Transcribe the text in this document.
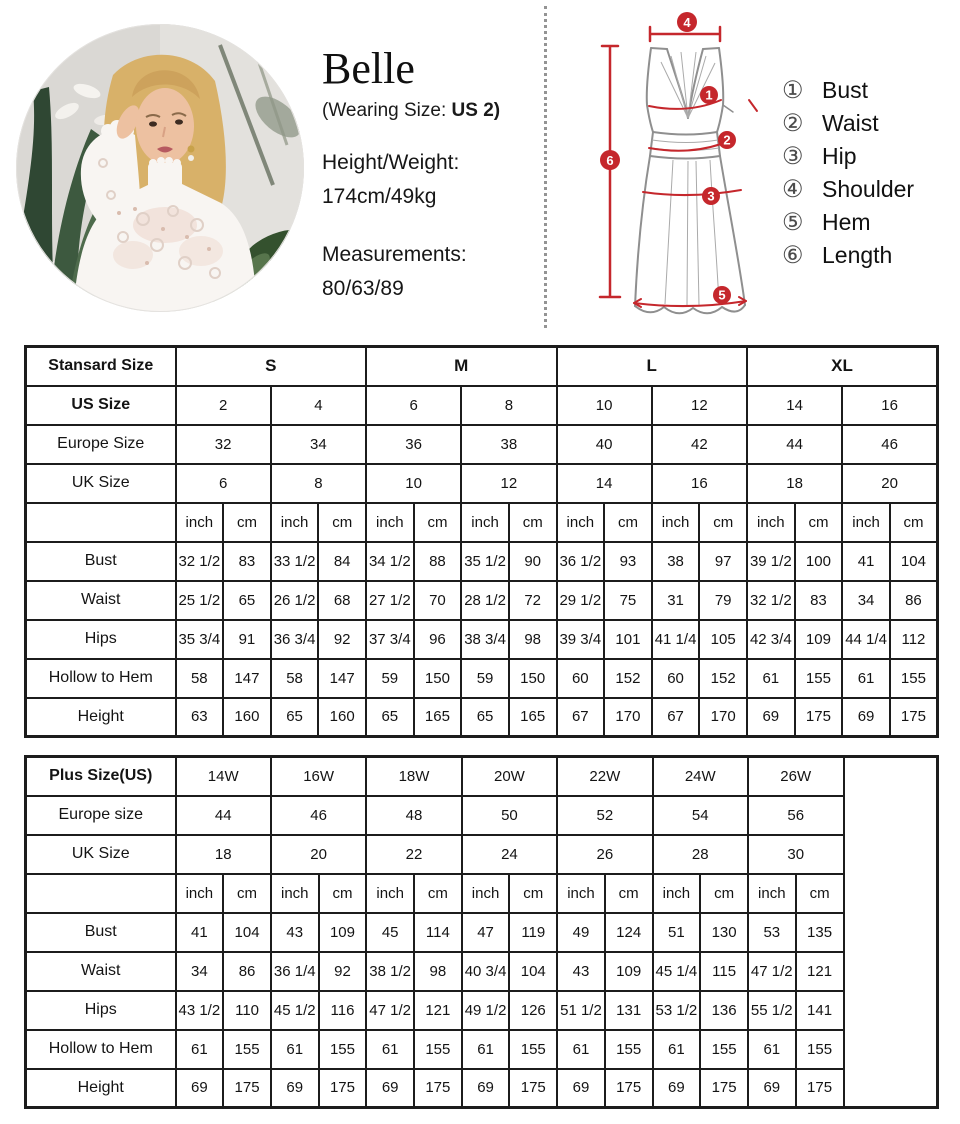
Belle
(Wearing Size: US 2)
Height/Weight:
174cm/49kg
Measurements:
80/63/89
1
2
3
4
5
6
① Bust
② Waist
③ Hip
④ Shoulder
⑤ Hem
⑥ Length
Stansard Size	S				M				L				XL			
US Size	2		4		6		8		10		12		14		16	
Europe Size	32		34		36		38		40		42		44		46	
UK Size	6		8		10		12		14		16		18		20	
	inch	cm	inch	cm	inch	cm	inch	cm	inch	cm	inch	cm	inch	cm	inch	cm
Bust	32 1/2	83	33 1/2	84	34 1/2	88	35 1/2	90	36 1/2	93	38	97	39 1/2	100	41	104
Waist	25 1/2	65	26 1/2	68	27 1/2	70	28 1/2	72	29 1/2	75	31	79	32 1/2	83	34	86
Hips	35 3/4	91	36 3/4	92	37 3/4	96	38 3/4	98	39 3/4	101	41 1/4	105	42 3/4	109	44 1/4	112
Hollow to Hem	58	147	58	147	59	150	59	150	60	152	60	152	61	155	61	155
Height	63	160	65	160	65	165	65	165	67	170	67	170	69	175	69	175
Plus Size(US)	14W		16W		18W		20W		22W		24W		26W		
Europe size	44		46		48		50		52		54		56		
UK Size	18		20		22		24		26		28		30		
	inch	cm	inch	cm	inch	cm	inch	cm	inch	cm	inch	cm	inch	cm	
Bust	41	104	43	109	45	114	47	119	49	124	51	130	53	135	
Waist	34	86	36 1/4	92	38 1/2	98	40 3/4	104	43	109	45 1/4	115	47 1/2	121	
Hips	43 1/2	110	45 1/2	116	47 1/2	121	49 1/2	126	51 1/2	131	53 1/2	136	55 1/2	141	
Hollow to Hem	61	155	61	155	61	155	61	155	61	155	61	155	61	155	
Height	69	175	69	175	69	175	69	175	69	175	69	175	69	175	
